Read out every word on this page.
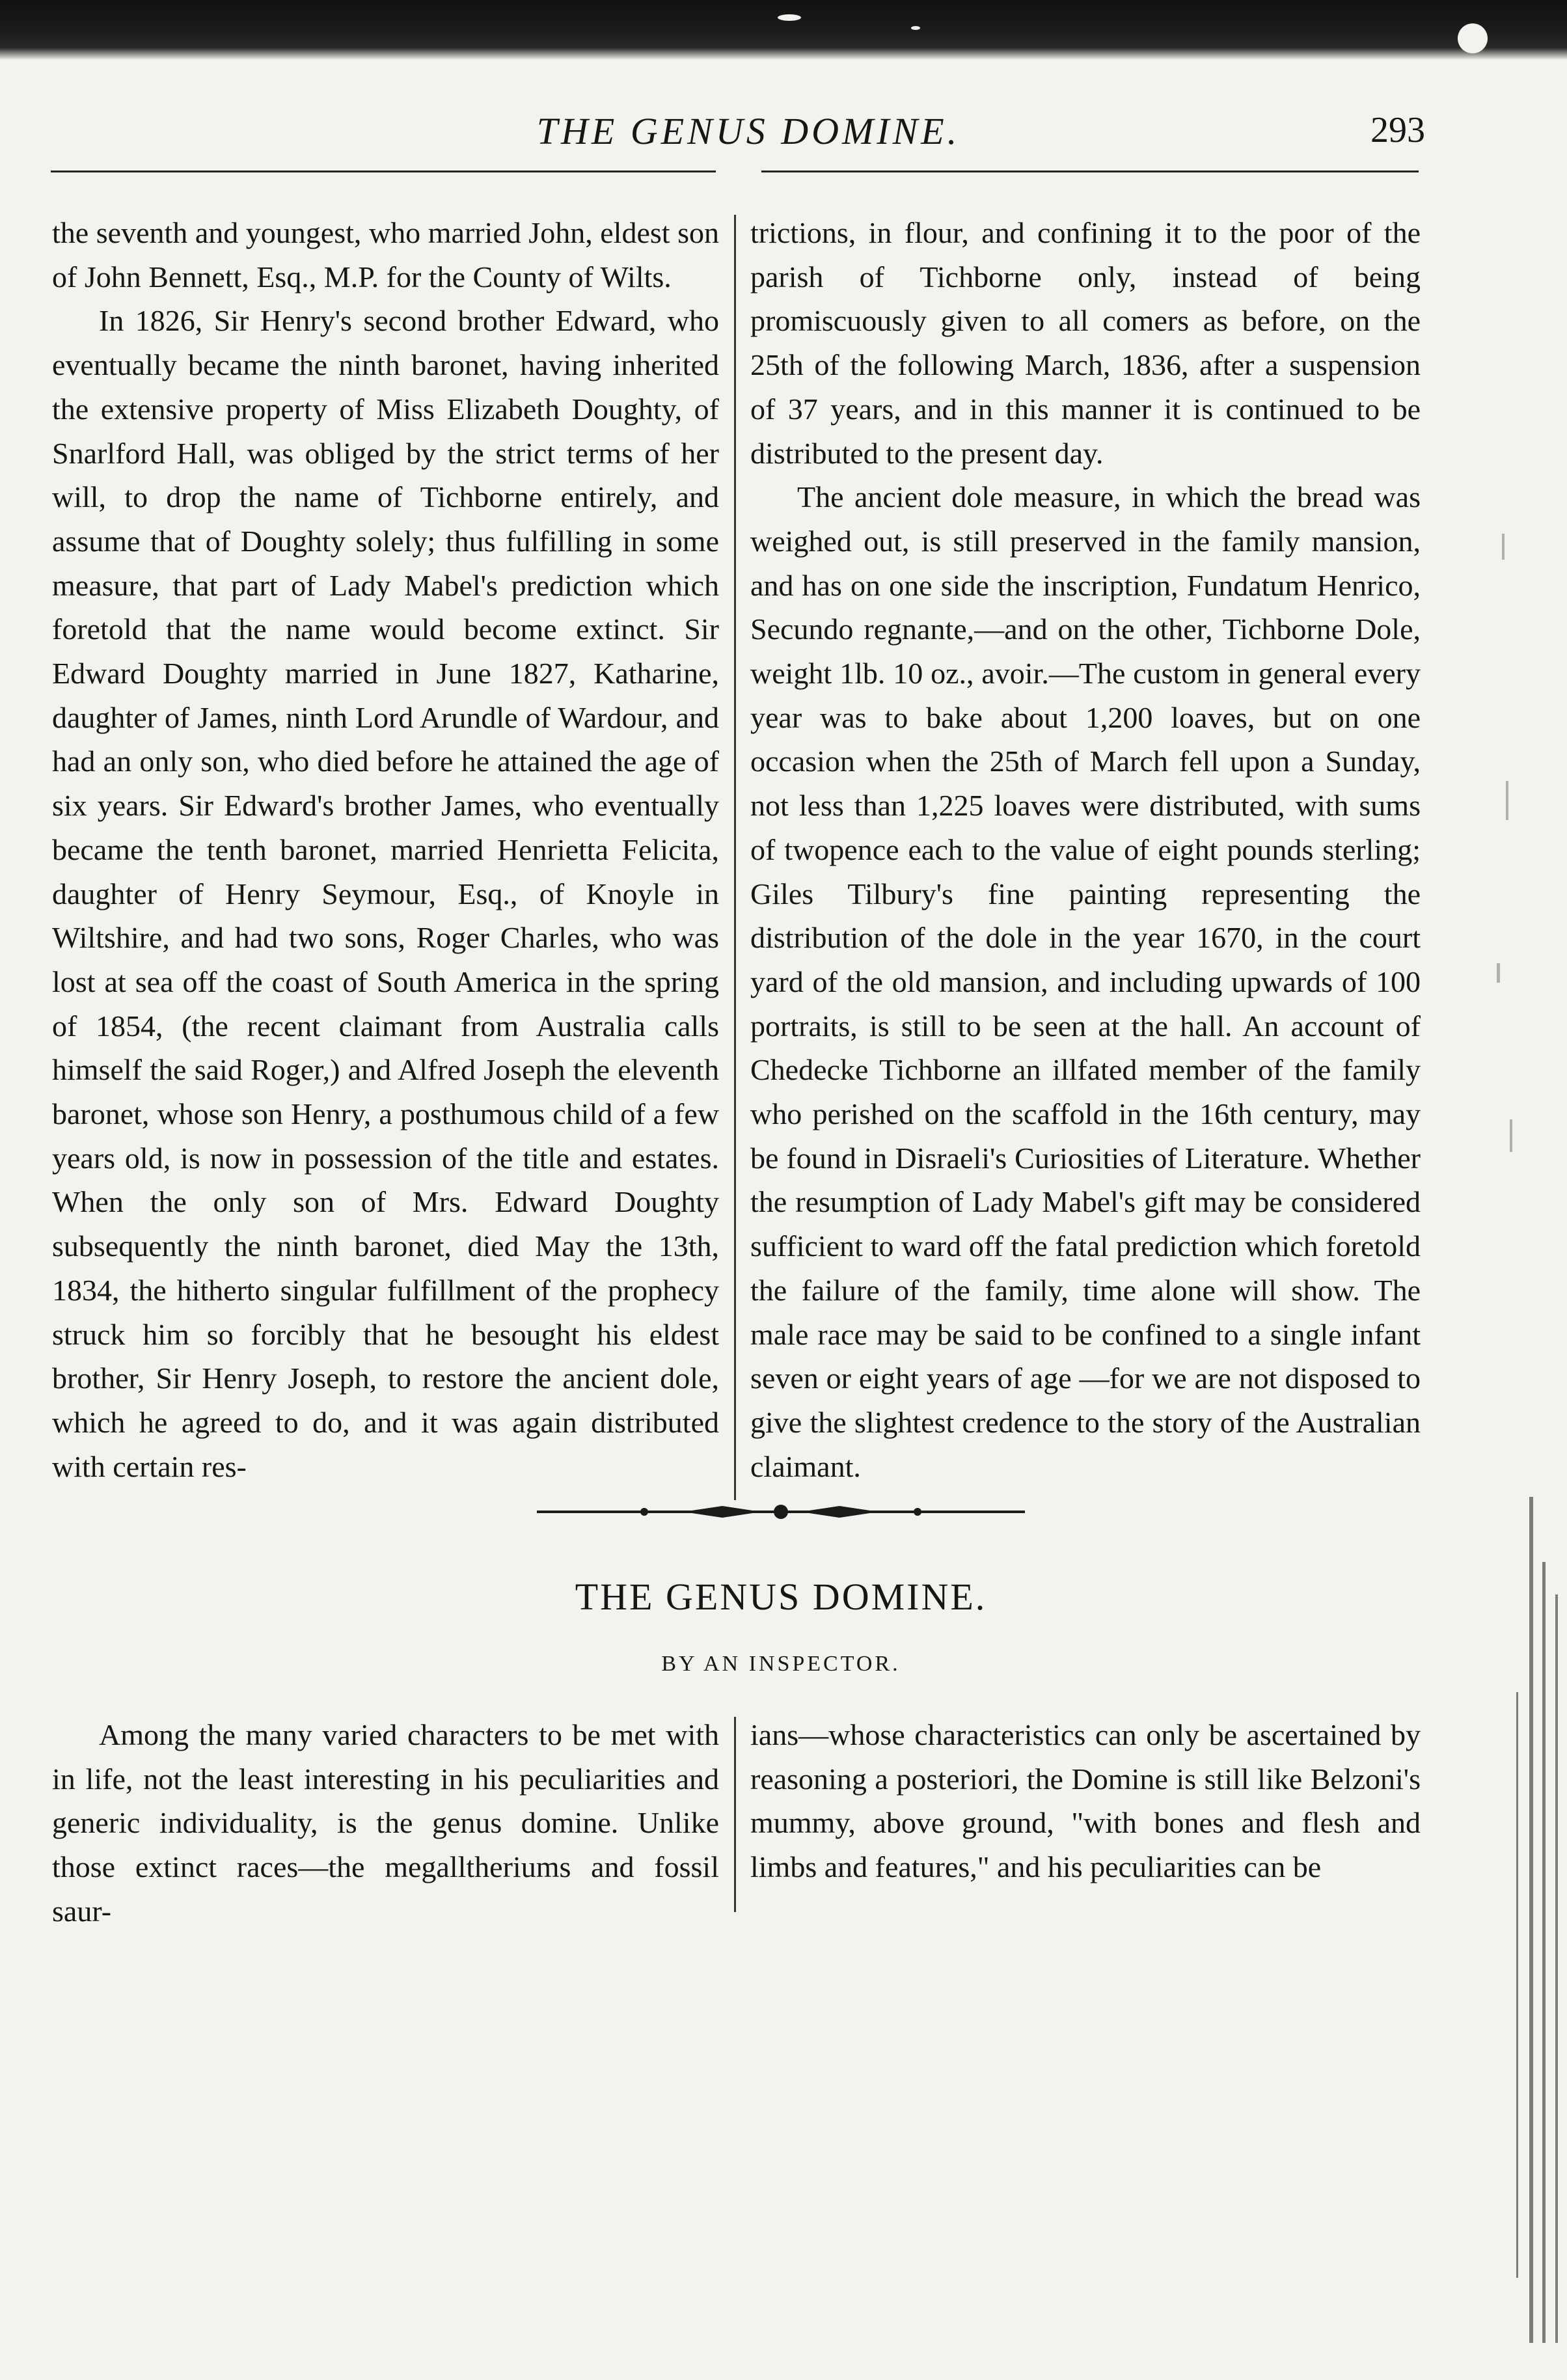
THE GENUS DOMINE.	293

the seventh and youngest, who married John, eldest son of John Bennett, Esq., M.P. for the County of Wilts.

In 1826, Sir Henry's second brother Edward, who eventually became the ninth baronet, having inherited the extensive property of Miss Elizabeth Doughty, of Snarlford Hall, was obliged by the strict terms of her will, to drop the name of Tichborne entirely, and assume that of Doughty solely; thus fulfilling in some measure, that part of Lady Mabel's prediction which foretold that the name would become extinct. Sir Edward Doughty married in June 1827, Katharine, daughter of James, ninth Lord Arundle of Wardour, and had an only son, who died before he attained the age of six years. Sir Edward's brother James, who eventually became the tenth baronet, married Henrietta Felicita, daughter of Henry Seymour, Esq., of Knoyle in Wiltshire, and had two sons, Roger Charles, who was lost at sea off the coast of South America in the spring of 1854, (the recent claimant from Australia calls himself the said Roger,) and Alfred Joseph the eleventh baronet, whose son Henry, a posthumous child of a few years old, is now in possession of the title and estates. When the only son of Mrs. Edward Doughty subsequently the ninth baronet, died May the 13th, 1834, the hitherto singular fulfillment of the prophecy struck him so forcibly that he besought his eldest brother, Sir Henry Joseph, to restore the ancient dole, which he agreed to do, and it was again distributed with certain res-

trictions, in flour, and confining it to the poor of the parish of Tichborne only, instead of being promiscuously given to all comers as before, on the 25th of the following March, 1836, after a suspension of 37 years, and in this manner it is continued to be distributed to the present day.

The ancient dole measure, in which the bread was weighed out, is still preserved in the family mansion, and has on one side the inscription, Fundatum Henrico, Secundo regnante,—and on the other, Tichborne Dole, weight 1lb. 10 oz., avoir.—The custom in general every year was to bake about 1,200 loaves, but on one occasion when the 25th of March fell upon a Sunday, not less than 1,225 loaves were distributed, with sums of twopence each to the value of eight pounds sterling; Giles Tilbury's fine painting representing the distribution of the dole in the year 1670, in the court yard of the old mansion, and including upwards of 100 portraits, is still to be seen at the hall. An account of Chedecke Tichborne an illfated member of the family who perished on the scaffold in the 16th century, may be found in Disraeli's Curiosities of Literature. Whether the resumption of Lady Mabel's gift may be considered sufficient to ward off the fatal prediction which foretold the failure of the family, time alone will show. The male race may be said to be confined to a single infant seven or eight years of age —for we are not disposed to give the slightest credence to the story of the Australian claimant.

THE GENUS DOMINE.
BY AN INSPECTOR.

Among the many varied characters to be met with in life, not the least interesting in his peculiarities and generic individuality, is the genus domine. Unlike those extinct races—the megalltheriums and fossil saur-

ians—whose characteristics can only be ascertained by reasoning a posteriori, the Domine is still like Belzoni's mummy, above ground, "with bones and flesh and limbs and features," and his peculiarities can be
